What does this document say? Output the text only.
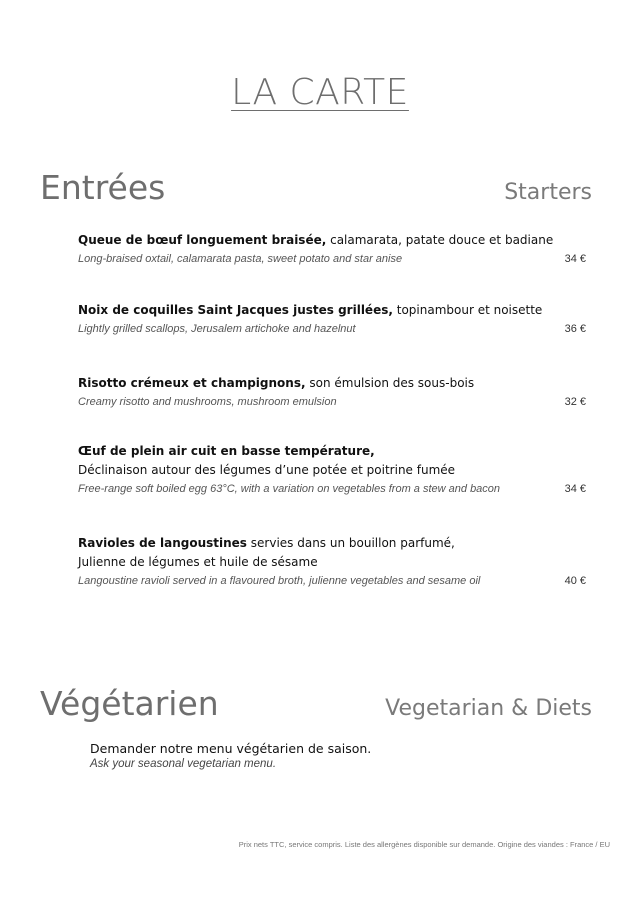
LA CARTE
Entrées	Starters
Queue de bœuf longuement braisée, calamarata, patate douce et badiane
Long-braised oxtail, calamarata pasta, sweet potato and star anise	34 €
Noix de coquilles Saint Jacques justes grillées, topinambour et noisette
Lightly grilled scallops, Jerusalem artichoke and hazelnut	36 €
Risotto crémeux et champignons, son émulsion des sous-bois
Creamy risotto and mushrooms, mushroom emulsion	32 €
Œuf de plein air cuit en basse température,
Déclinaison autour des légumes d’une potée et poitrine fumée
Free-range soft boiled egg 63°C, with a variation on vegetables from a stew and bacon	34 €
Ravioles de langoustines servies dans un bouillon parfumé,
Julienne de légumes et huile de sésame
Langoustine ravioli served in a flavoured broth, julienne vegetables and sesame oil	40 €
Végétarien	Vegetarian & Diets
Demander notre menu végétarien de saison.
Ask your seasonal vegetarian menu.
Prix nets TTC, service compris. Liste des allergènes disponible sur demande. Origine des viandes : France / EU
